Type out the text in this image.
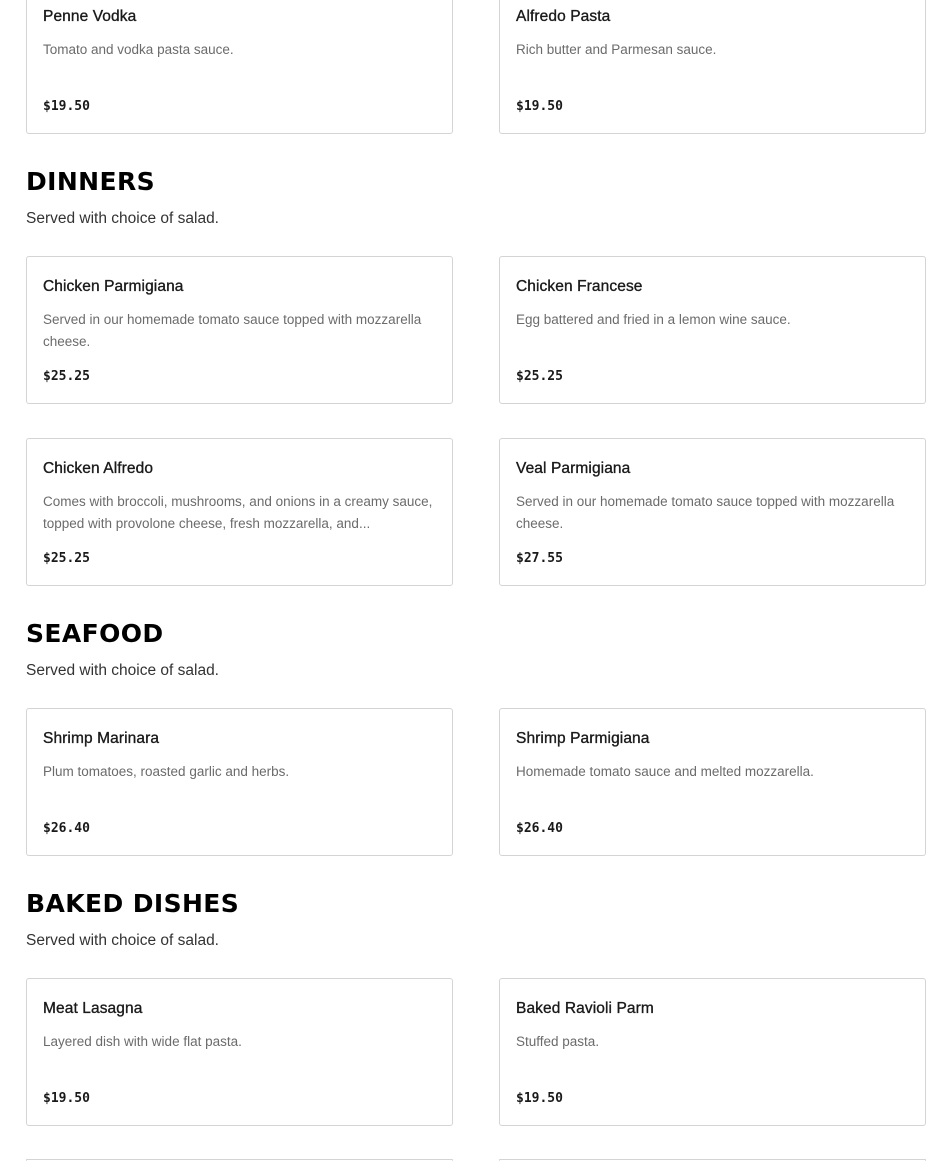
Penne Vodka
Tomato and vodka pasta sauce.
$19.50
Alfredo Pasta
Rich butter and Parmesan sauce.
$19.50
DINNERS
Served with choice of salad.
Chicken Parmigiana
Served in our homemade tomato sauce topped with mozzarella cheese.
$25.25
Chicken Francese
Egg battered and fried in a lemon wine sauce.
$25.25
Chicken Alfredo
Comes with broccoli, mushrooms, and onions in a creamy sauce, topped with provolone cheese, fresh mozzarella, and...
$25.25
Veal Parmigiana
Served in our homemade tomato sauce topped with mozzarella cheese.
$27.55
SEAFOOD
Served with choice of salad.
Shrimp Marinara
Plum tomatoes, roasted garlic and herbs.
$26.40
Shrimp Parmigiana
Homemade tomato sauce and melted mozzarella.
$26.40
BAKED DISHES
Served with choice of salad.
Meat Lasagna
Layered dish with wide flat pasta.
$19.50
Baked Ravioli Parm
Stuffed pasta.
$19.50
